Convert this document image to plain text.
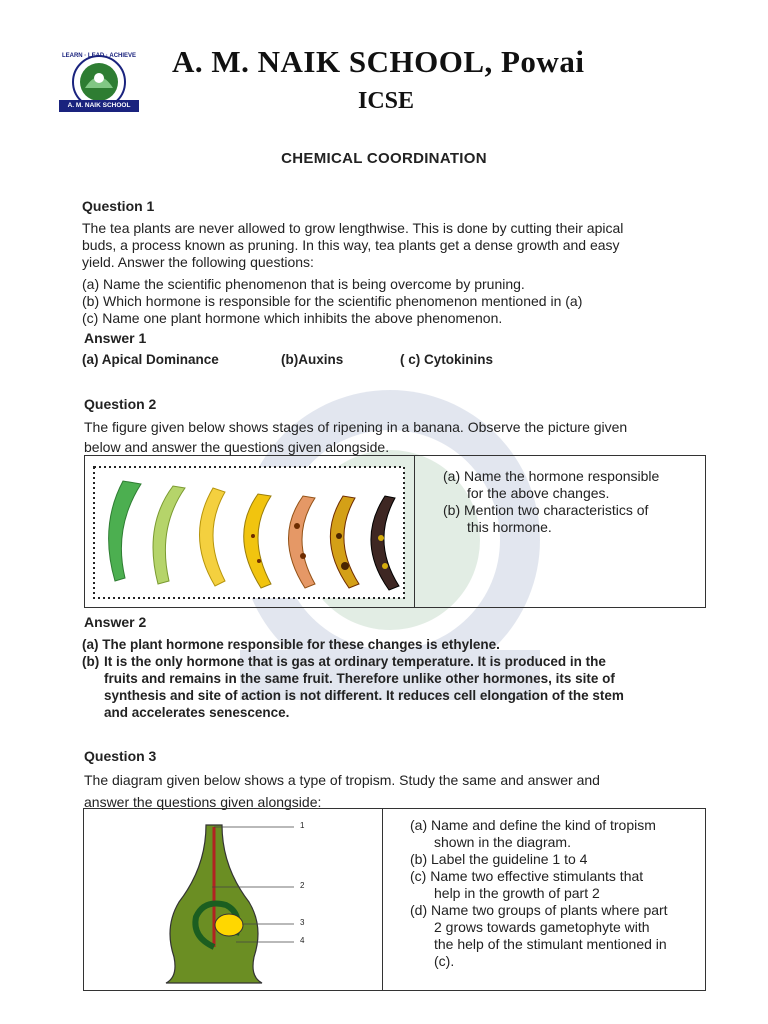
LEARN · LEAD · ACHIEVE
A. M. NAIK SCHOOL
A. M. NAIK SCHOOL, Powai
ICSE
CHEMICAL COORDINATION
Question 1
The tea plants are never allowed to grow lengthwise. This is done by cutting their apical
buds, a process known as pruning. In this way, tea plants get a dense growth and easy
yield. Answer the following questions:
(a) Name the scientific phenomenon that is being overcome by pruning.
(b) Which hormone is responsible for the scientific phenomenon mentioned in (a)
(c) Name one plant hormone which inhibits the above phenomenon.
Answer 1
(a) Apical Dominance	(b)Auxins	( c) Cytokinins
Question 2
The figure given below shows stages of ripening in a banana. Observe the picture given
below and answer the questions given alongside.
(a) Name the hormone responsible
for the above changes.
(b) Mention two characteristics of
this hormone.
Answer 2
(a) The plant hormone responsible for these changes is ethylene.
(b) It is the only hormone that is gas at ordinary temperature. It is produced in the
fruits and remains in the same fruit. Therefore unlike other hormones, its site of
synthesis and site of action is not different. It reduces cell elongation of the stem
and accelerates senescence.
Question 3
The diagram given below shows a type of tropism. Study the same and answer and
answer the questions given alongside:
1
2
3
4
(a) Name and define the kind of tropism
shown in the diagram.
(b) Label the guideline 1 to 4
(c) Name two effective stimulants that
help in the growth of part 2
(d) Name two groups of plants where part
2 grows towards gametophyte with
the help of the stimulant mentioned in
(c).
